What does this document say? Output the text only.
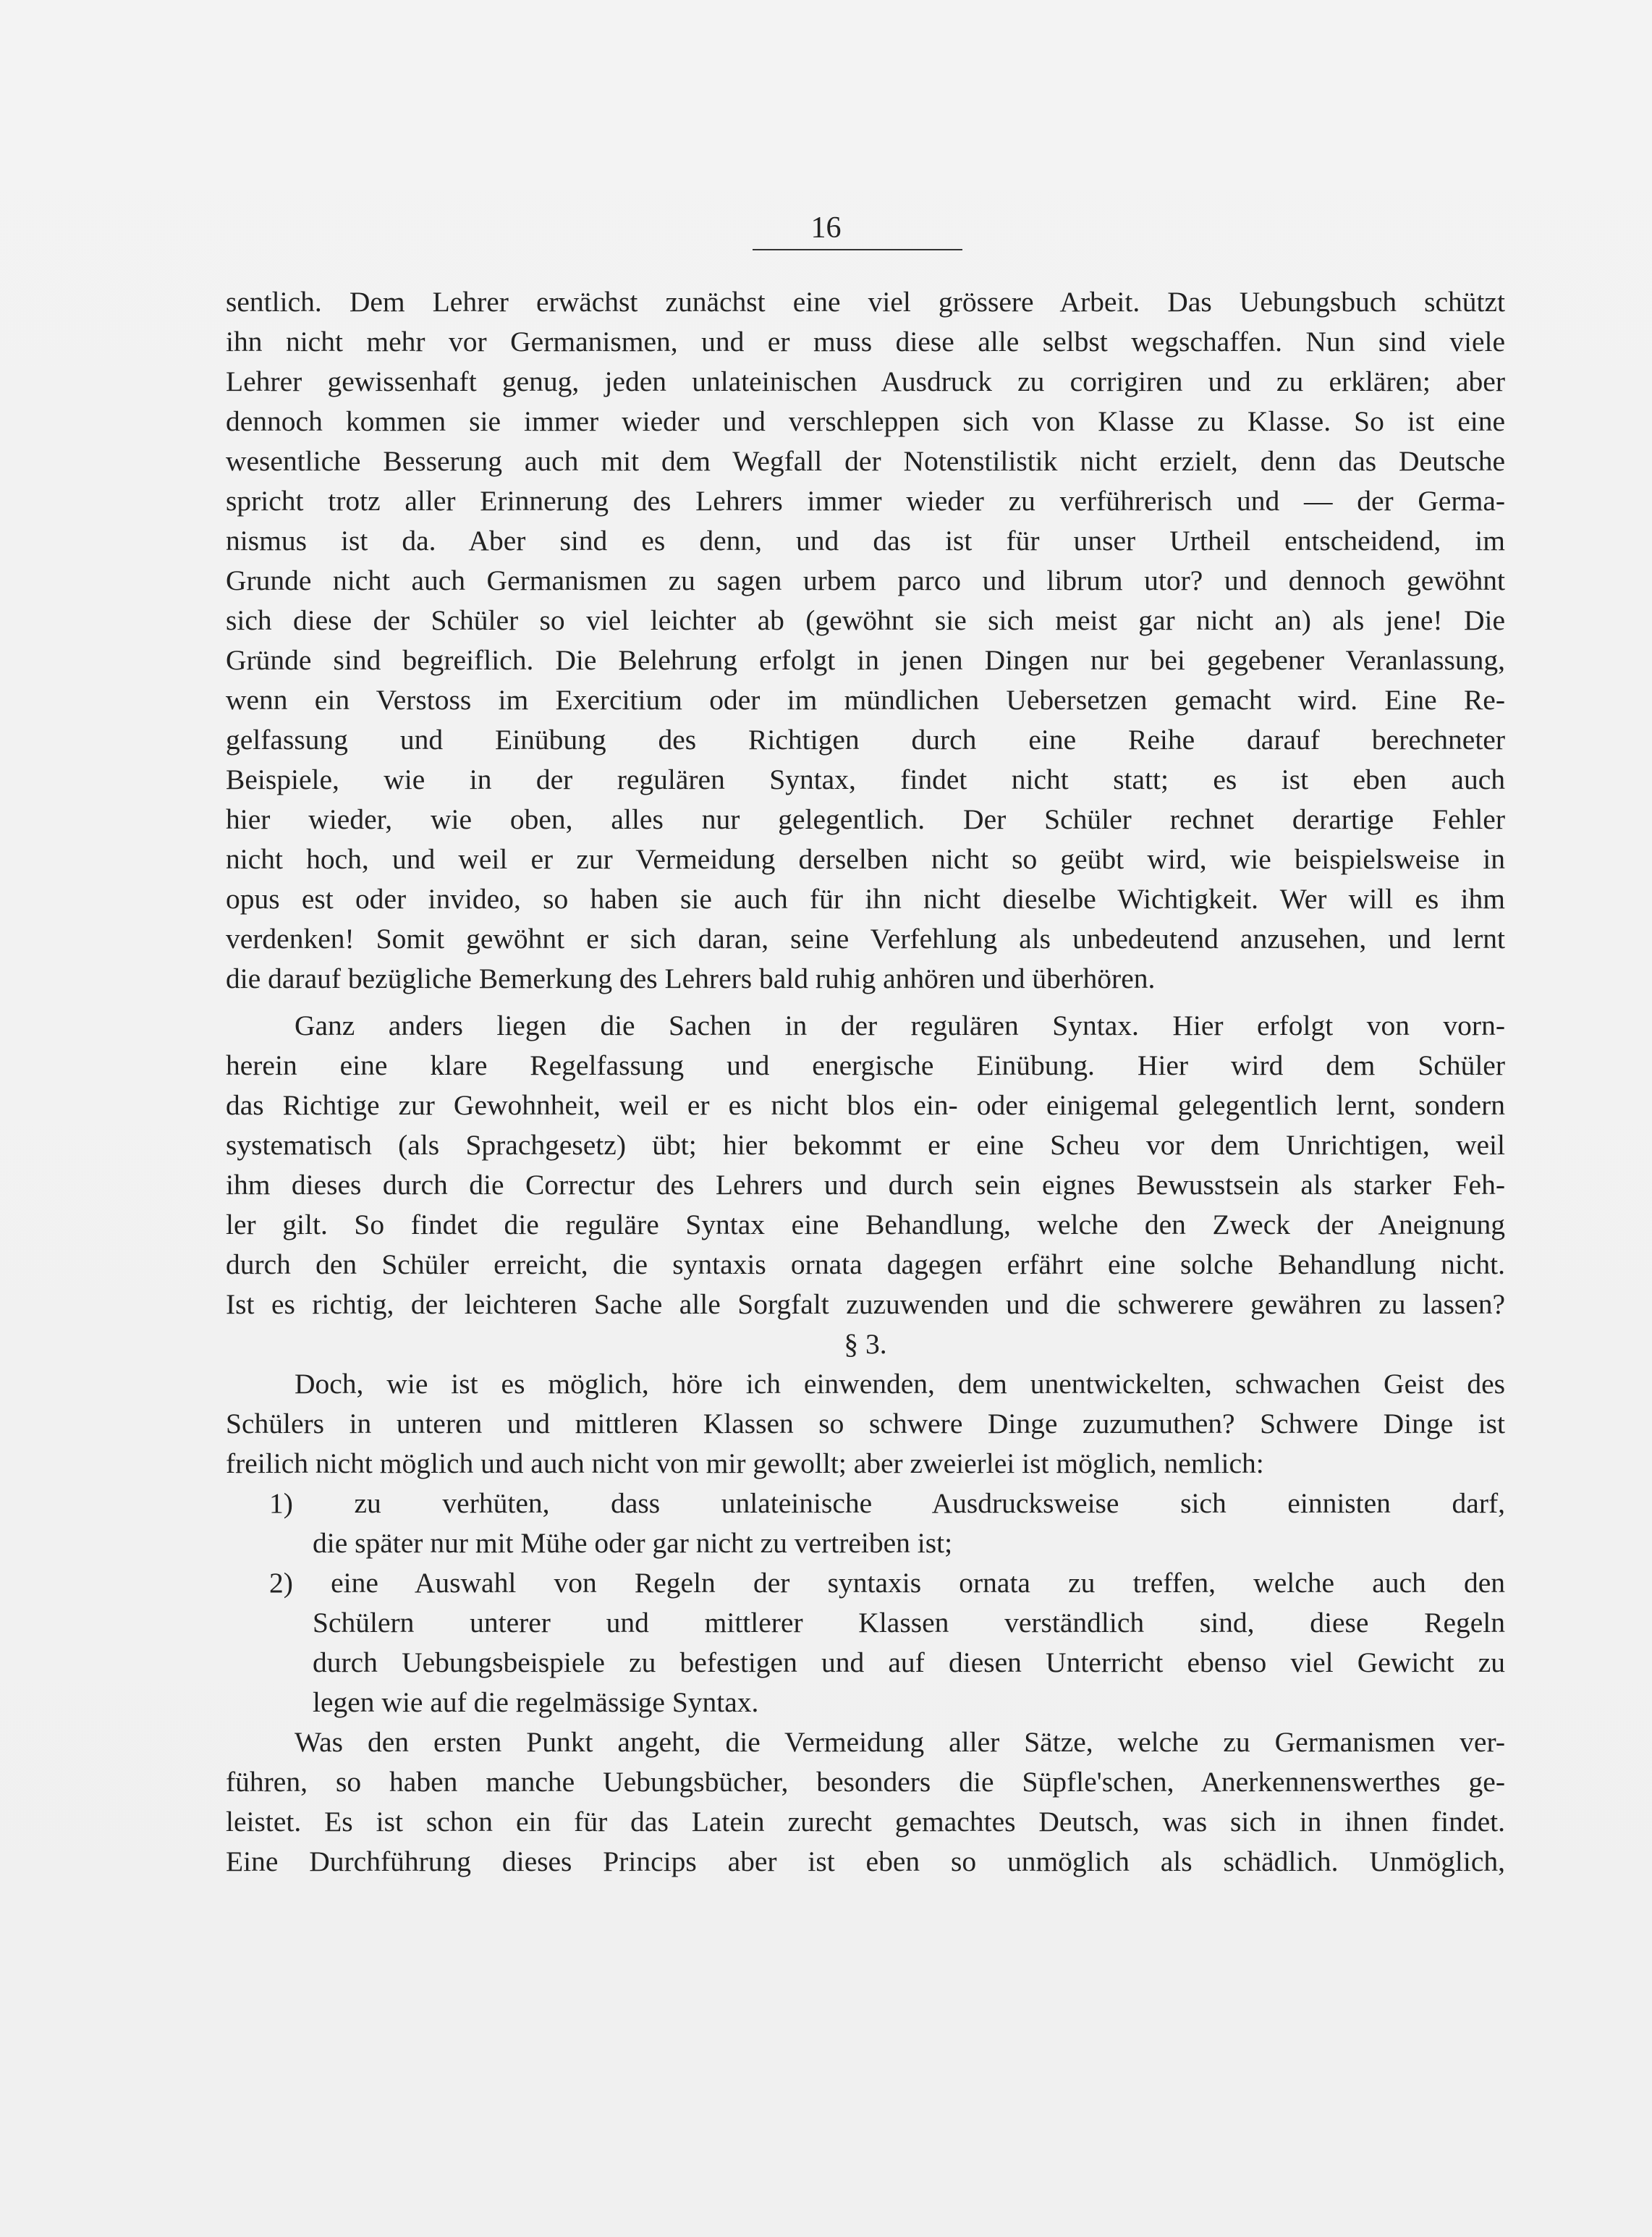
16
sentlich. Dem Lehrer erwächst zunächst eine viel grössere Arbeit. Das Uebungsbuch schützt
ihn nicht mehr vor Germanismen, und er muss diese alle selbst wegschaffen. Nun sind viele
Lehrer gewissenhaft genug, jeden unlateinischen Ausdruck zu corrigiren und zu erklären; aber
dennoch kommen sie immer wieder und verschleppen sich von Klasse zu Klasse. So ist eine
wesentliche Besserung auch mit dem Wegfall der Notenstilistik nicht erzielt, denn das Deutsche
spricht trotz aller Erinnerung des Lehrers immer wieder zu verführerisch und — der Germa-
nismus ist da. Aber sind es denn, und das ist für unser Urtheil entscheidend, im
Grunde nicht auch Germanismen zu sagen urbem parco und librum utor? und dennoch gewöhnt
sich diese der Schüler so viel leichter ab (gewöhnt sie sich meist gar nicht an) als jene! Die
Gründe sind begreiflich. Die Belehrung erfolgt in jenen Dingen nur bei gegebener Veranlassung,
wenn ein Verstoss im Exercitium oder im mündlichen Uebersetzen gemacht wird. Eine Re-
gelfassung und Einübung des Richtigen durch eine Reihe darauf berechneter
Beispiele, wie in der regulären Syntax, findet nicht statt; es ist eben auch
hier wieder, wie oben, alles nur gelegentlich. Der Schüler rechnet derartige Fehler
nicht hoch, und weil er zur Vermeidung derselben nicht so geübt wird, wie beispielsweise in
opus est oder invideo, so haben sie auch für ihn nicht dieselbe Wichtigkeit. Wer will es ihm
verdenken! Somit gewöhnt er sich daran, seine Verfehlung als unbedeutend anzusehen, und lernt
die darauf bezügliche Bemerkung des Lehrers bald ruhig anhören und überhören.
Ganz anders liegen die Sachen in der regulären Syntax. Hier erfolgt von vorn-
herein eine klare Regelfassung und energische Einübung. Hier wird dem Schüler
das Richtige zur Gewohnheit, weil er es nicht blos ein- oder einigemal gelegentlich lernt, sondern
systematisch (als Sprachgesetz) übt; hier bekommt er eine Scheu vor dem Unrichtigen, weil
ihm dieses durch die Correctur des Lehrers und durch sein eignes Bewusstsein als starker Feh-
ler gilt. So findet die reguläre Syntax eine Behandlung, welche den Zweck der Aneignung
durch den Schüler erreicht, die syntaxis ornata dagegen erfährt eine solche Behandlung nicht.
Ist es richtig, der leichteren Sache alle Sorgfalt zuzuwenden und die schwerere gewähren zu lassen?
§ 3.
Doch, wie ist es möglich, höre ich einwenden, dem unentwickelten, schwachen Geist des
Schülers in unteren und mittleren Klassen so schwere Dinge zuzumuthen? Schwere Dinge ist
freilich nicht möglich und auch nicht von mir gewollt; aber zweierlei ist möglich, nemlich:
1) zu verhüten, dass unlateinische Ausdrucksweise sich einnisten darf,
die später nur mit Mühe oder gar nicht zu vertreiben ist;
2) eine Auswahl von Regeln der syntaxis ornata zu treffen, welche auch den
Schülern unterer und mittlerer Klassen verständlich sind, diese Regeln
durch Uebungsbeispiele zu befestigen und auf diesen Unterricht ebenso viel Gewicht zu
legen wie auf die regelmässige Syntax.
Was den ersten Punkt angeht, die Vermeidung aller Sätze, welche zu Germanismen ver-
führen, so haben manche Uebungsbücher, besonders die Süpfle'schen, Anerkennenswerthes ge-
leistet. Es ist schon ein für das Latein zurecht gemachtes Deutsch, was sich in ihnen findet.
Eine Durchführung dieses Princips aber ist eben so unmöglich als schädlich. Unmöglich,
